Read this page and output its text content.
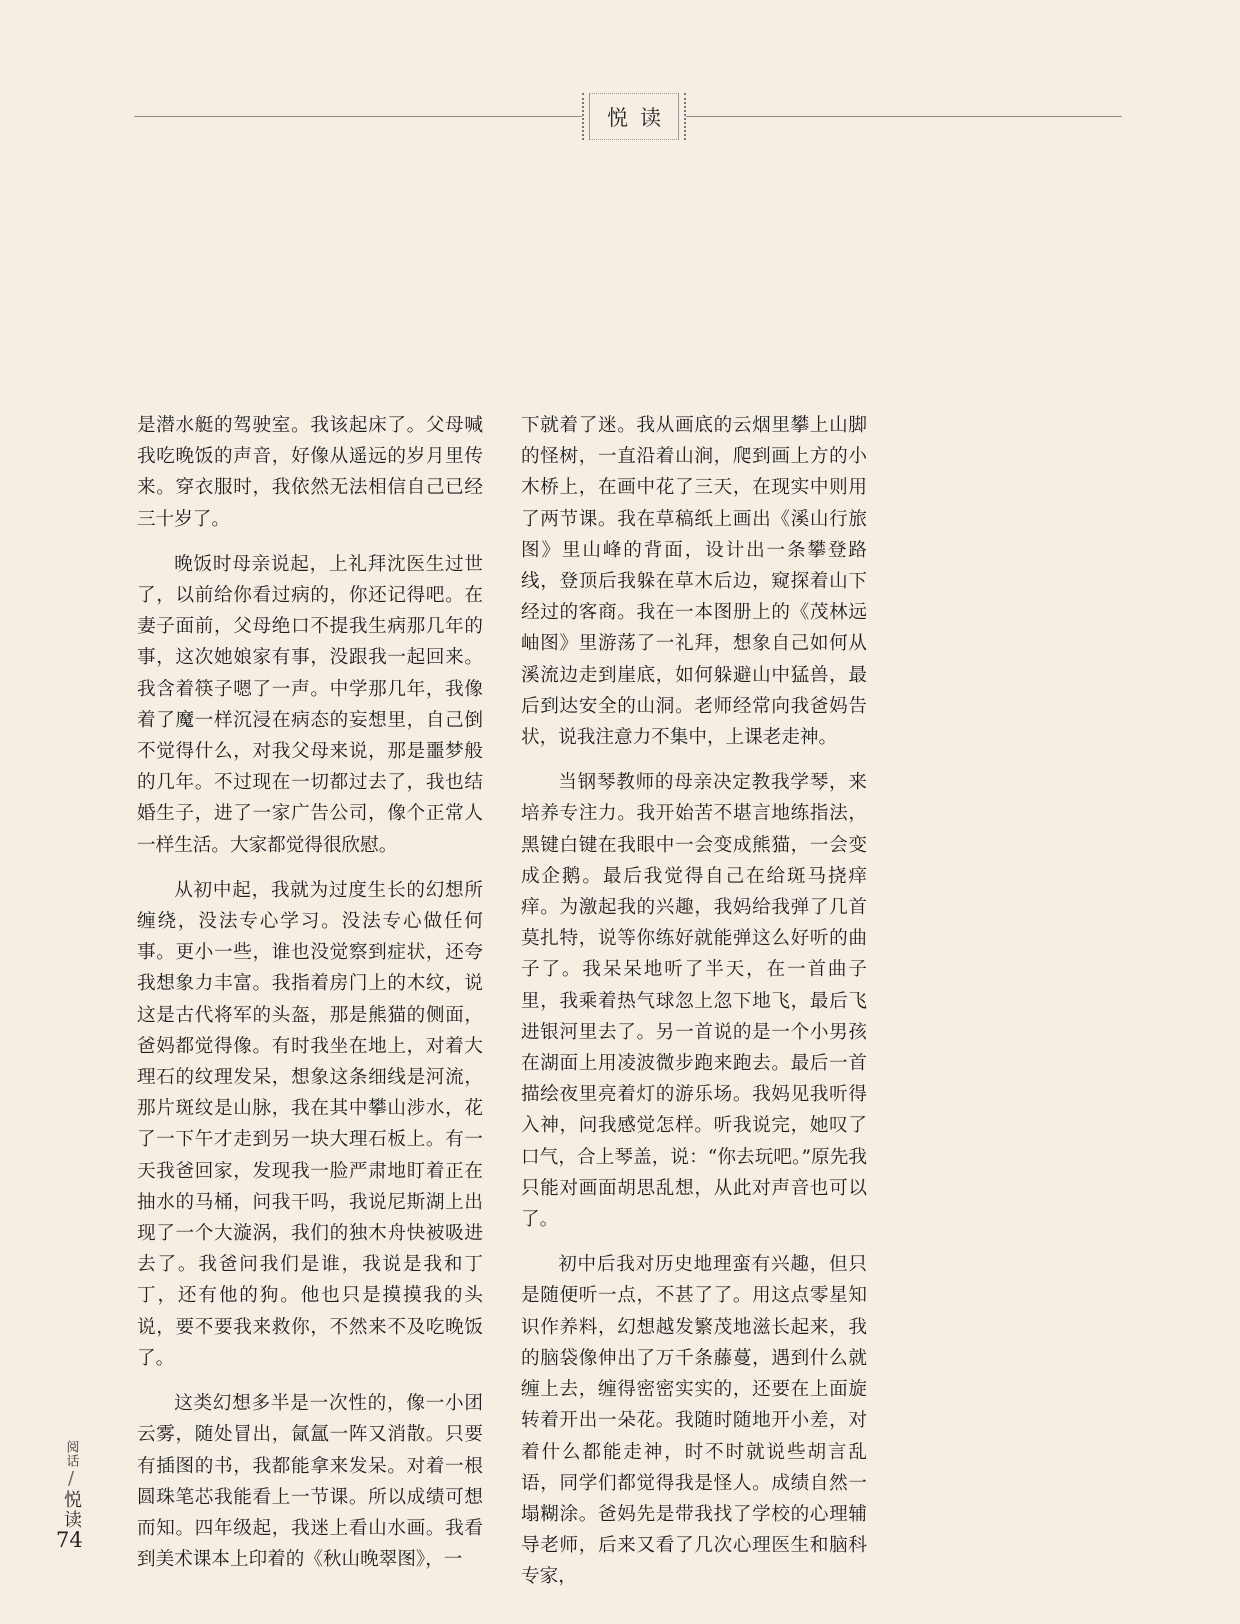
悦读

是潜水艇的驾驶室。我该起床了。父母喊我吃晚饭的声音，好像从遥远的岁月里传来。穿衣服时，我依然无法相信自己已经三十岁了。

晚饭时母亲说起，上礼拜沈医生过世了，以前给你看过病的，你还记得吧。在妻子面前，父母绝口不提我生病那几年的事，这次她娘家有事，没跟我一起回来。我含着筷子嗯了一声。中学那几年，我像着了魔一样沉浸在病态的妄想里，自己倒不觉得什么，对我父母来说，那是噩梦般的几年。不过现在一切都过去了，我也结婚生子，进了一家广告公司，像个正常人一样生活。大家都觉得很欣慰。

从初中起，我就为过度生长的幻想所缠绕，没法专心学习。没法专心做任何事。更小一些，谁也没觉察到症状，还夸我想象力丰富。我指着房门上的木纹，说这是古代将军的头盔，那是熊猫的侧面，爸妈都觉得像。有时我坐在地上，对着大理石的纹理发呆，想象这条细线是河流，那片斑纹是山脉，我在其中攀山涉水，花了一下午才走到另一块大理石板上。有一天我爸回家，发现我一脸严肃地盯着正在抽水的马桶，问我干吗，我说尼斯湖上出现了一个大漩涡，我们的独木舟快被吸进去了。我爸问我们是谁，我说是我和丁丁，还有他的狗。他也只是摸摸我的头说，要不要我来救你，不然来不及吃晚饭了。

这类幻想多半是一次性的，像一小团云雾，随处冒出，氤氲一阵又消散。只要有插图的书，我都能拿来发呆。对着一根圆珠笔芯我能看上一节课。所以成绩可想而知。四年级起，我迷上看山水画。我看到美术课本上印着的《秋山晚翠图》，一

下就着了迷。我从画底的云烟里攀上山脚的怪树，一直沿着山涧，爬到画上方的小木桥上，在画中花了三天，在现实中则用了两节课。我在草稿纸上画出《溪山行旅图》里山峰的背面，设计出一条攀登路线，登顶后我躲在草木后边，窥探着山下经过的客商。我在一本图册上的《茂林远岫图》里游荡了一礼拜，想象自己如何从溪流边走到崖底，如何躲避山中猛兽，最后到达安全的山洞。老师经常向我爸妈告状，说我注意力不集中，上课老走神。

当钢琴教师的母亲决定教我学琴，来培养专注力。我开始苦不堪言地练指法，黑键白键在我眼中一会变成熊猫，一会变成企鹅。最后我觉得自己在给斑马挠痒痒。为激起我的兴趣，我妈给我弹了几首莫扎特，说等你练好就能弹这么好听的曲子了。我呆呆地听了半天，在一首曲子里，我乘着热气球忽上忽下地飞，最后飞进银河里去了。另一首说的是一个小男孩在湖面上用凌波微步跑来跑去。最后一首描绘夜里亮着灯的游乐场。我妈见我听得入神，问我感觉怎样。听我说完，她叹了口气，合上琴盖，说：“你去玩吧。”原先我只能对画面胡思乱想，从此对声音也可以了。

初中后我对历史地理蛮有兴趣，但只是随便听一点，不甚了了。用这点零星知识作养料，幻想越发繁茂地滋长起来，我的脑袋像伸出了万千条藤蔓，遇到什么就缠上去，缠得密密实实的，还要在上面旋转着开出一朵花。我随时随地开小差，对着什么都能走神，时不时就说些胡言乱语，同学们都觉得我是怪人。成绩自然一塌糊涂。爸妈先是带我找了学校的心理辅导老师，后来又看了几次心理医生和脑科专家，

阅话
/
悦读
74
